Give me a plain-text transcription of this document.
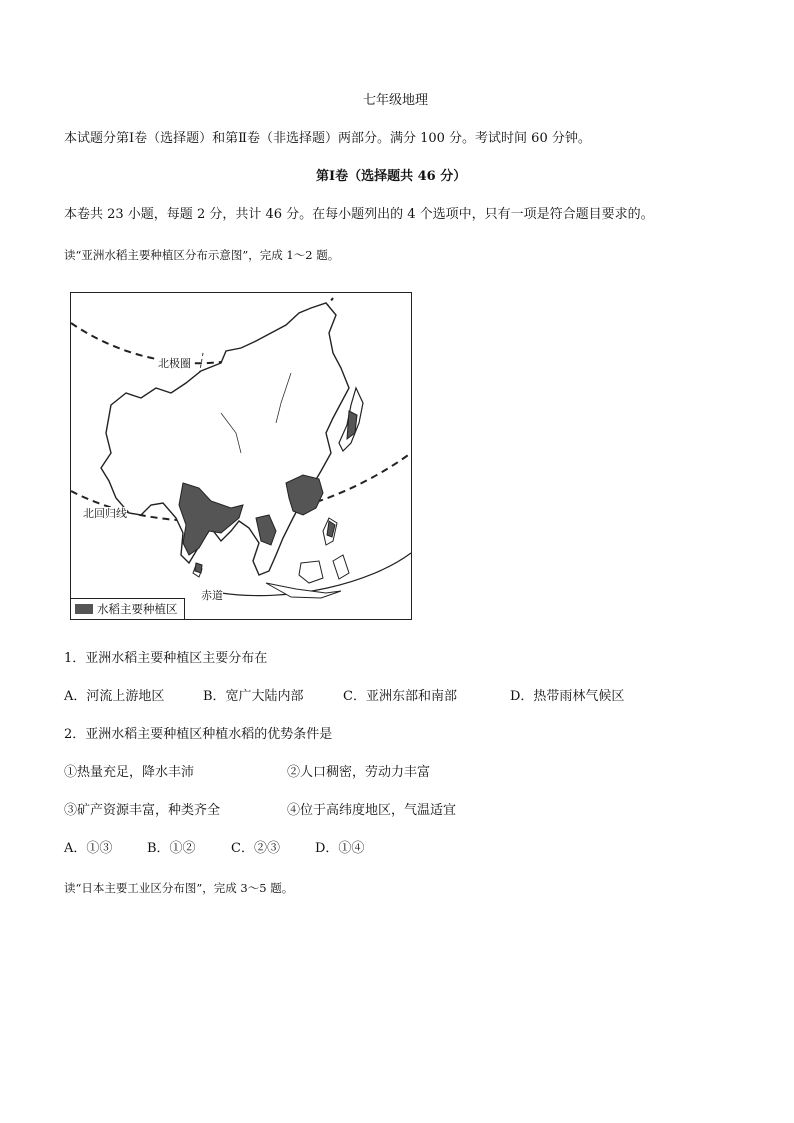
七年级地理
本试题分第Ⅰ卷（选择题）和第Ⅱ卷（非选择题）两部分。满分 100 分。考试时间 60 分钟。
第Ⅰ卷（选择题共 46 分）
本卷共 23 小题，每题 2 分，共计 46 分。在每小题列出的 4 个选项中，只有一项是符合题目要求的。
读“亚洲水稻主要种植区分布示意图”，完成 1～2 题。
北极圈
北回归线
赤道
水稻主要种植区
1．亚洲水稻主要种植区主要分布在
A．河流上游地区	B．宽广大陆内部	C．亚洲东部和南部	D．热带雨林气候区
2．亚洲水稻主要种植区种植水稻的优势条件是
①热量充足，降水丰沛	②人口稠密，劳动力丰富
③矿产资源丰富，种类齐全	④位于高纬度地区，气温适宜
A．①③	B．①②	C．②③	D．①④
读“日本主要工业区分布图”，完成 3～5 题。
